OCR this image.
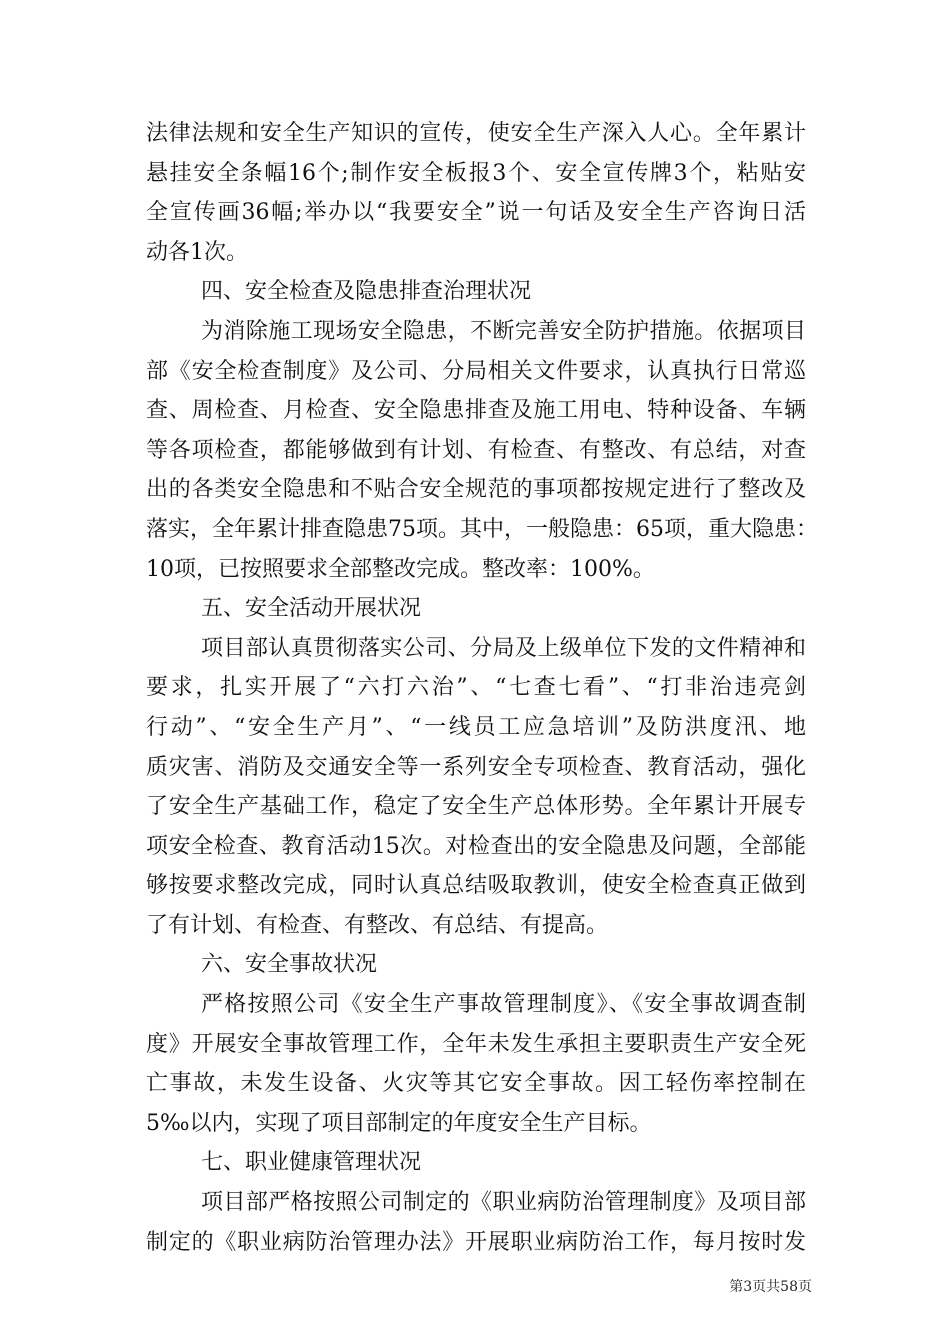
法律法规和安全生产知识的宣传，使安全生产深入人心。全年累计
悬挂安全条幅16个;制作安全板报3个、安全宣传牌3个，粘贴安
全宣传画36幅;举办以“我要安全”说一句话及安全生产咨询日活
动各1次。
四、安全检查及隐患排查治理状况
为消除施工现场安全隐患，不断完善安全防护措施。依据项目
部《安全检查制度》及公司、分局相关文件要求，认真执行日常巡
查、周检查、月检查、安全隐患排查及施工用电、特种设备、车辆
等各项检查，都能够做到有计划、有检查、有整改、有总结，对查
出的各类安全隐患和不贴合安全规范的事项都按规定进行了整改及
落实，全年累计排查隐患75项。其中，一般隐患：65项，重大隐患：
10项，已按照要求全部整改完成。整改率：100%。
五、安全活动开展状况
项目部认真贯彻落实公司、分局及上级单位下发的文件精神和
要求，扎实开展了“六打六治”、“七查七看”、“打非治违亮剑
行动”、“安全生产月”、“一线员工应急培训”及防洪度汛、地
质灾害、消防及交通安全等一系列安全专项检查、教育活动，强化
了安全生产基础工作，稳定了安全生产总体形势。全年累计开展专
项安全检查、教育活动15次。对检查出的安全隐患及问题，全部能
够按要求整改完成，同时认真总结吸取教训，使安全检查真正做到
了有计划、有检查、有整改、有总结、有提高。
六、安全事故状况
严格按照公司《安全生产事故管理制度》、《安全事故调查制
度》开展安全事故管理工作，全年未发生承担主要职责生产安全死
亡事故，未发生设备、火灾等其它安全事故。因工轻伤率控制在
5‰以内，实现了项目部制定的年度安全生产目标。
七、职业健康管理状况
项目部严格按照公司制定的《职业病防治管理制度》及项目部
制定的《职业病防治管理办法》开展职业病防治工作，每月按时发
第3页共58页
